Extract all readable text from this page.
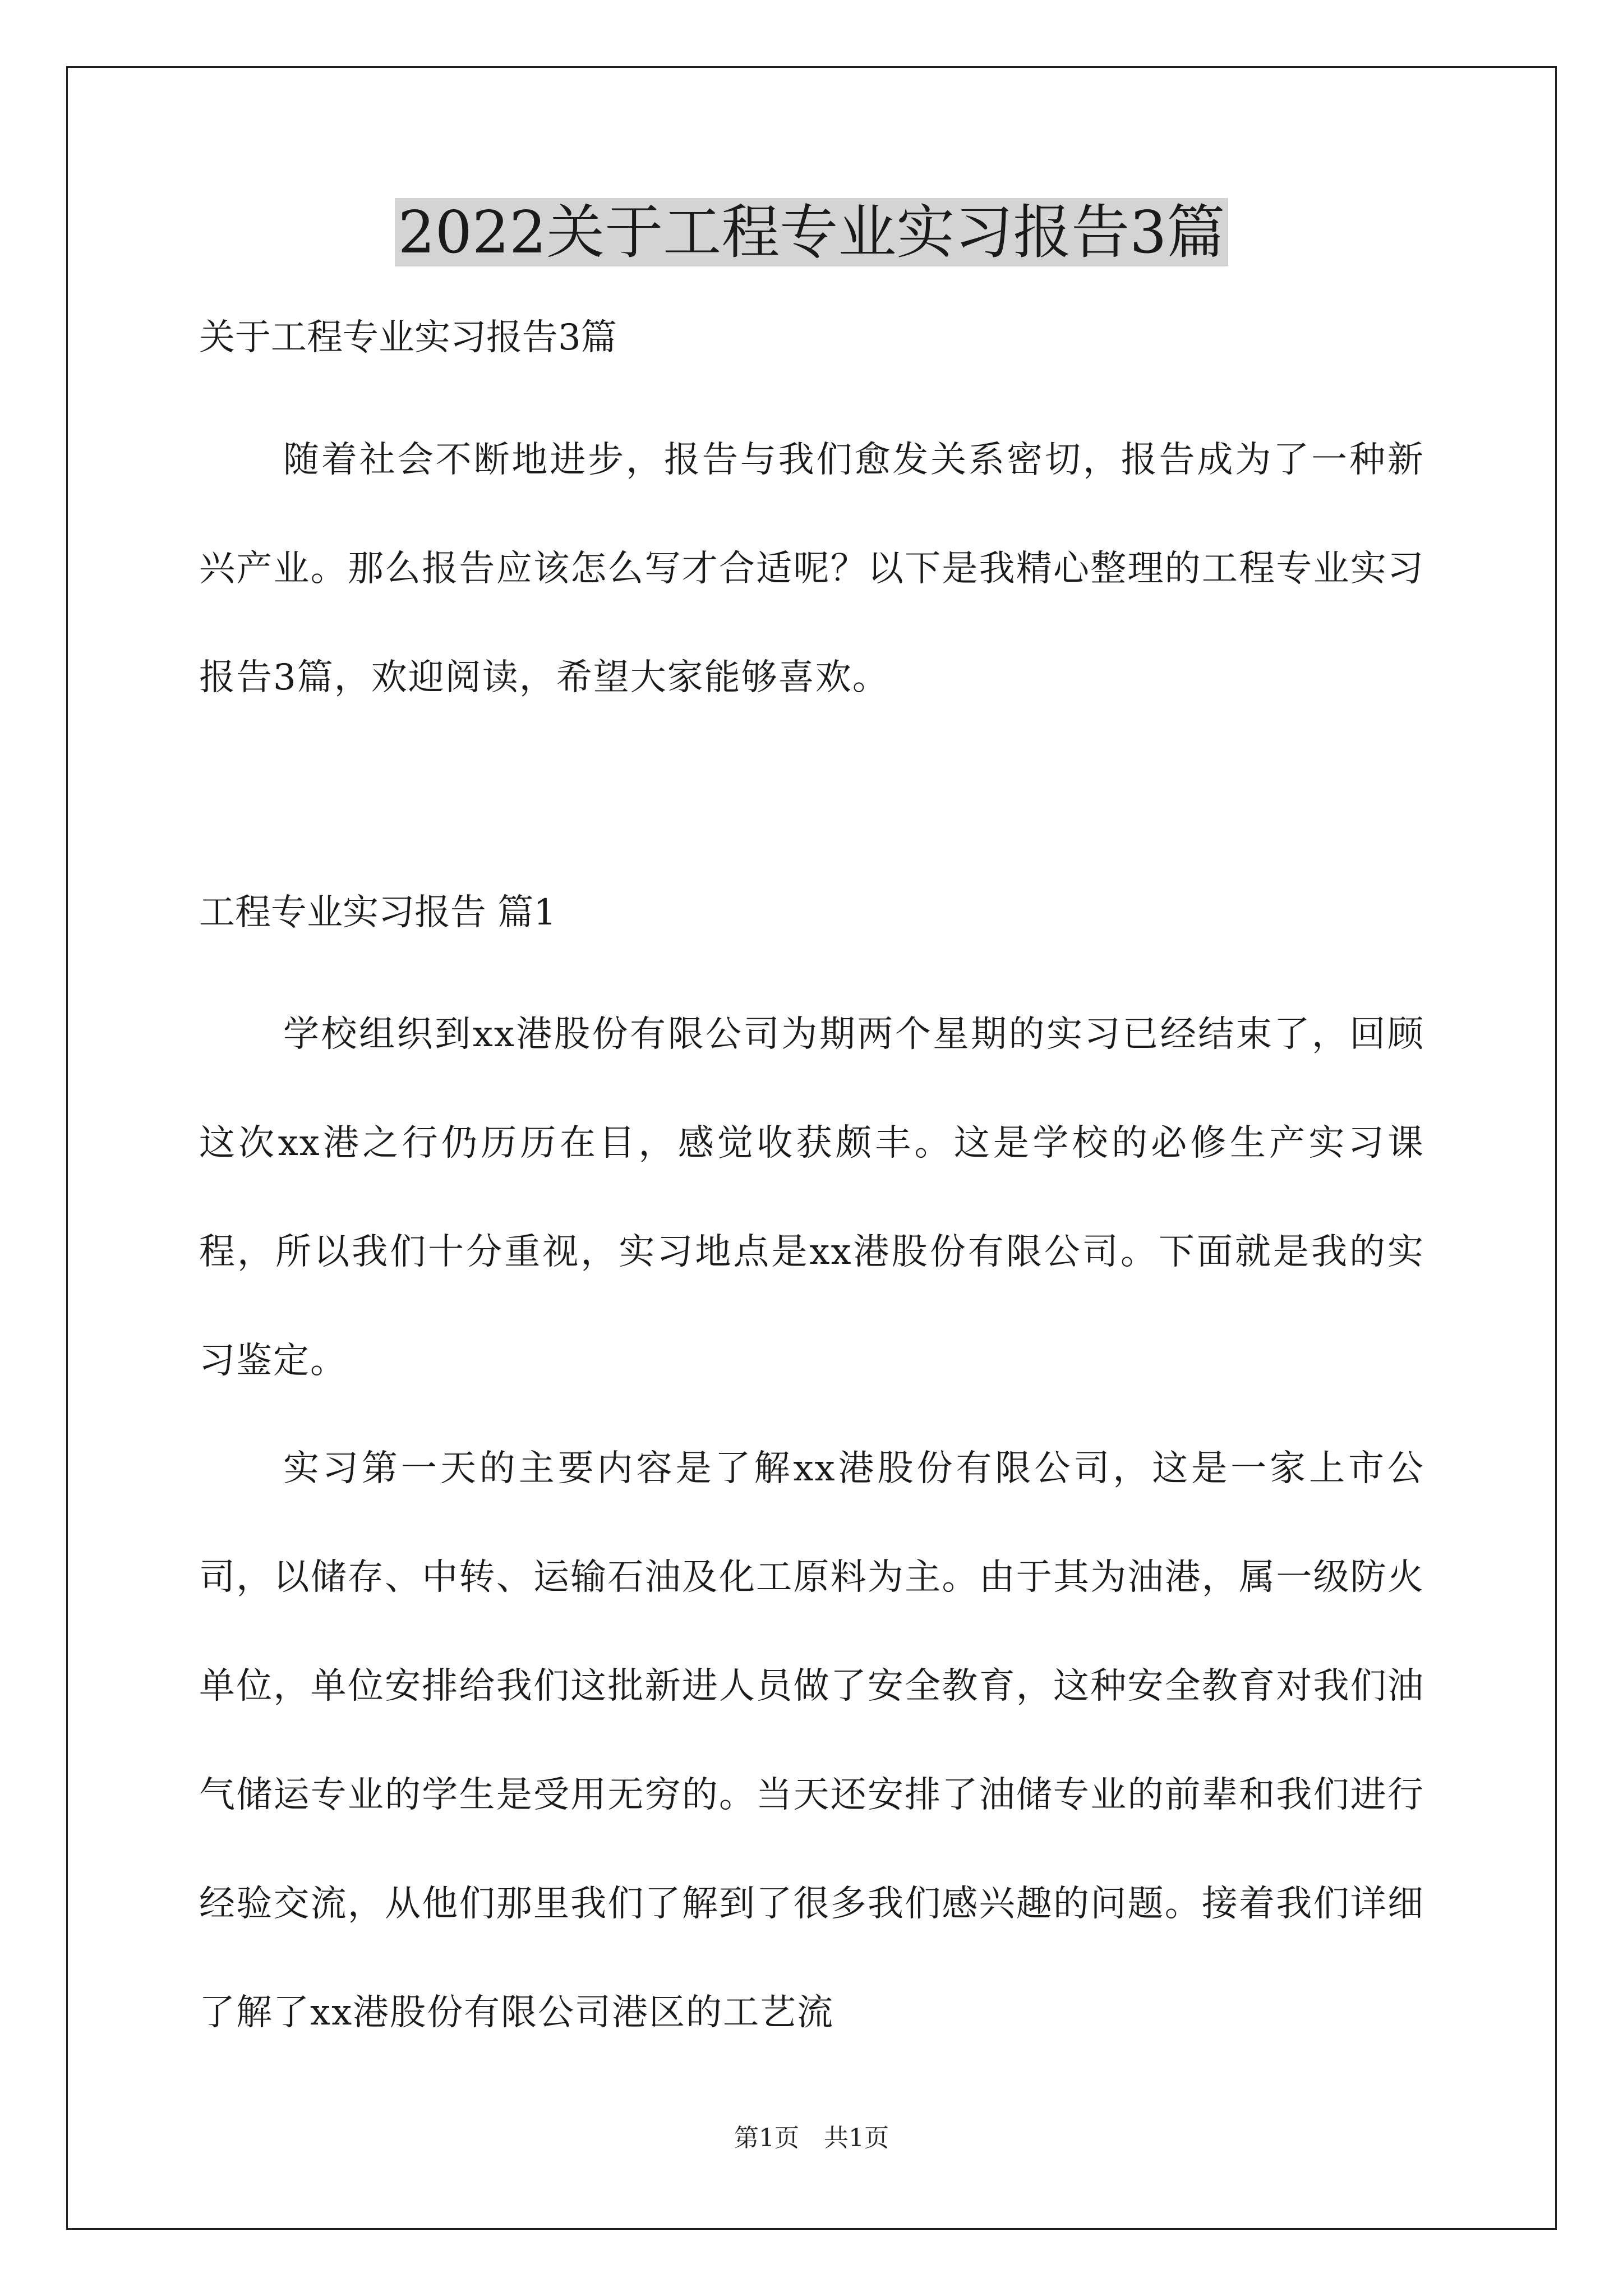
2022关于工程专业实习报告3篇
关于工程专业实习报告3篇

随着社会不断地进步，报告与我们愈发关系密切，报告成为了一种新兴产业。那么报告应该怎么写才合适呢？以下是我精心整理的工程专业实习报告3篇，欢迎阅读，希望大家能够喜欢。

工程专业实习报告 篇1

学校组织到xx港股份有限公司为期两个星期的实习已经结束了，回顾这次xx港之行仍历历在目，感觉收获颇丰。这是学校的必修生产实习课程，所以我们十分重视，实习地点是xx港股份有限公司。下面就是我的实习鉴定。

实习第一天的主要内容是了解xx港股份有限公司，这是一家上市公司，以储存、中转、运输石油及化工原料为主。由于其为油港，属一级防火单位，单位安排给我们这批新进人员做了安全教育，这种安全教育对我们油气储运专业的学生是受用无穷的。当天还安排了油储专业的前辈和我们进行经验交流，从他们那里我们了解到了很多我们感兴趣的问题。接着我们详细了解了xx港股份有限公司港区的工艺流

第1页　共1页
